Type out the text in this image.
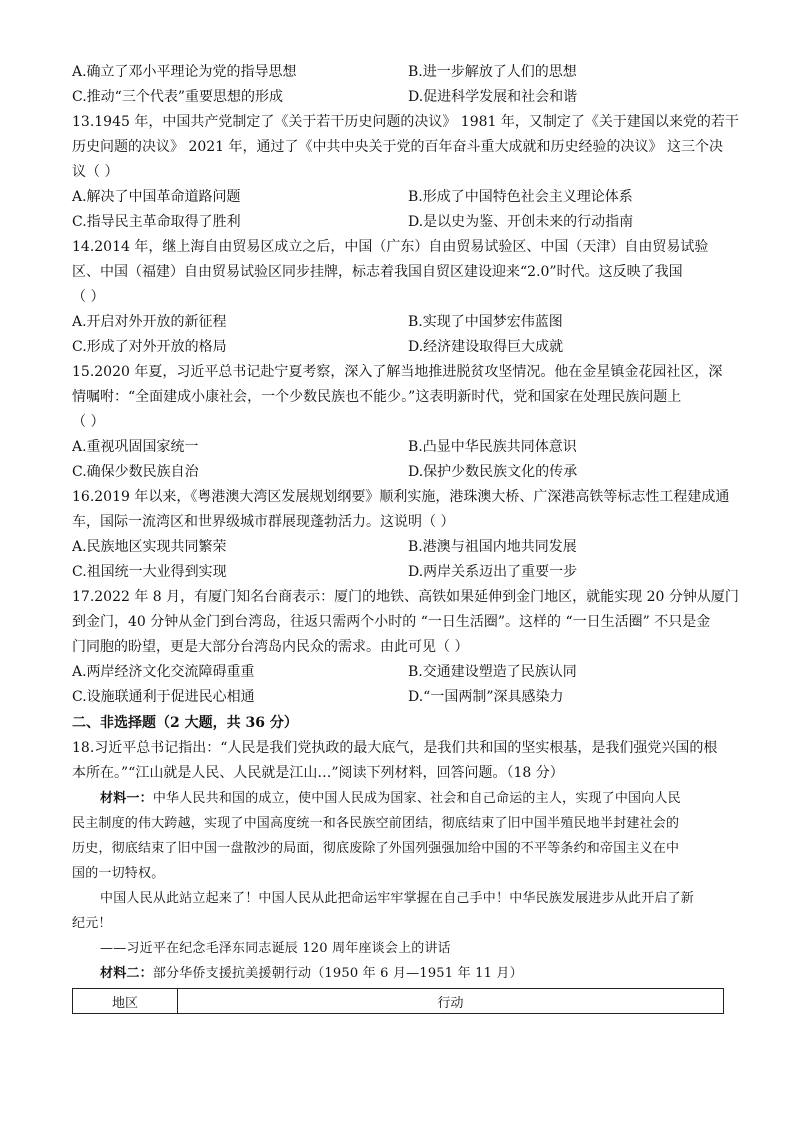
A.确立了邓小平理论为党的指导思想	B.进一步解放了人们的思想
C.推动“三个代表”重要思想的形成	D.促进科学发展和社会和谐
13.1945 年，中国共产党制定了《关于若干历史问题的决议》 1981 年，又制定了《关于建国以来党的若干
历史问题的决议》 2021 年，通过了《中共中央关于党的百年奋斗重大成就和历史经验的决议》 这三个决
议（ ）
A.解决了中国革命道路问题	B.形成了中国特色社会主义理论体系
C.指导民主革命取得了胜利	D.是以史为鉴、开创未来的行动指南
14.2014 年，继上海自由贸易区成立之后，中国（广东）自由贸易试验区、中国（天津）自由贸易试验
区、中国（福建）自由贸易试验区同步挂牌，标志着我国自贸区建设迎来“2.0”时代。这反映了我国
（ ）
A.开启对外开放的新征程	B.实现了中国梦宏伟蓝图
C.形成了对外开放的格局	D.经济建设取得巨大成就
15.2020 年夏，习近平总书记赴宁夏考察，深入了解当地推进脱贫攻坚情况。他在金星镇金花园社区，深
情嘱咐：“全面建成小康社会，一个少数民族也不能少。”这表明新时代，党和国家在处理民族问题上
（ ）
A.重视巩固国家统一	B.凸显中华民族共同体意识
C.确保少数民族自治	D.保护少数民族文化的传承
16.2019 年以来，《粤港澳大湾区发展规划纲要》顺利实施，港珠澳大桥、广深港高铁等标志性工程建成通
车，国际一流湾区和世界级城市群展现蓬勃活力。这说明（ ）
A.民族地区实现共同繁荣	B.港澳与祖国内地共同发展
C.祖国统一大业得到实现	D.两岸关系迈出了重要一步
17.2022 年 8 月，有厦门知名台商表示：厦门的地铁、高铁如果延伸到金门地区，就能实现 20 分钟从厦门
到金门，40 分钟从金门到台湾岛，往返只需两个小时的 “一日生活圈”。这样的 “一日生活圈” 不只是金
门同胞的盼望，更是大部分台湾岛内民众的需求。由此可见（ ）
A.两岸经济文化交流障碍重重	B.交通建设塑造了民族认同
C.设施联通利于促进民心相通	D.“一国两制”深具感染力
二、非选择题（2 大题，共 36 分）
18.习近平总书记指出：“人民是我们党执政的最大底气，是我们共和国的坚实根基，是我们强党兴国的根
本所在。”“江山就是人民、人民就是江山…”阅读下列材料，回答问题。（18 分）
材料一：中华人民共和国的成立，使中国人民成为国家、社会和自己命运的主人，实现了中国向人民
民主制度的伟大跨越，实现了中国高度统一和各民族空前团结，彻底结束了旧中国半殖民地半封建社会的
历史，彻底结束了旧中国一盘散沙的局面，彻底废除了外国列强强加给中国的不平等条约和帝国主义在中
国的一切特权。
中国人民从此站立起来了！中国人民从此把命运牢牢掌握在自己手中！中华民族发展进步从此开启了新
纪元！
——习近平在纪念毛泽东同志诞辰 120 周年座谈会上的讲话
材料二：部分华侨支援抗美援朝行动（1950 年 6 月—1951 年 11 月）
地区	行动
